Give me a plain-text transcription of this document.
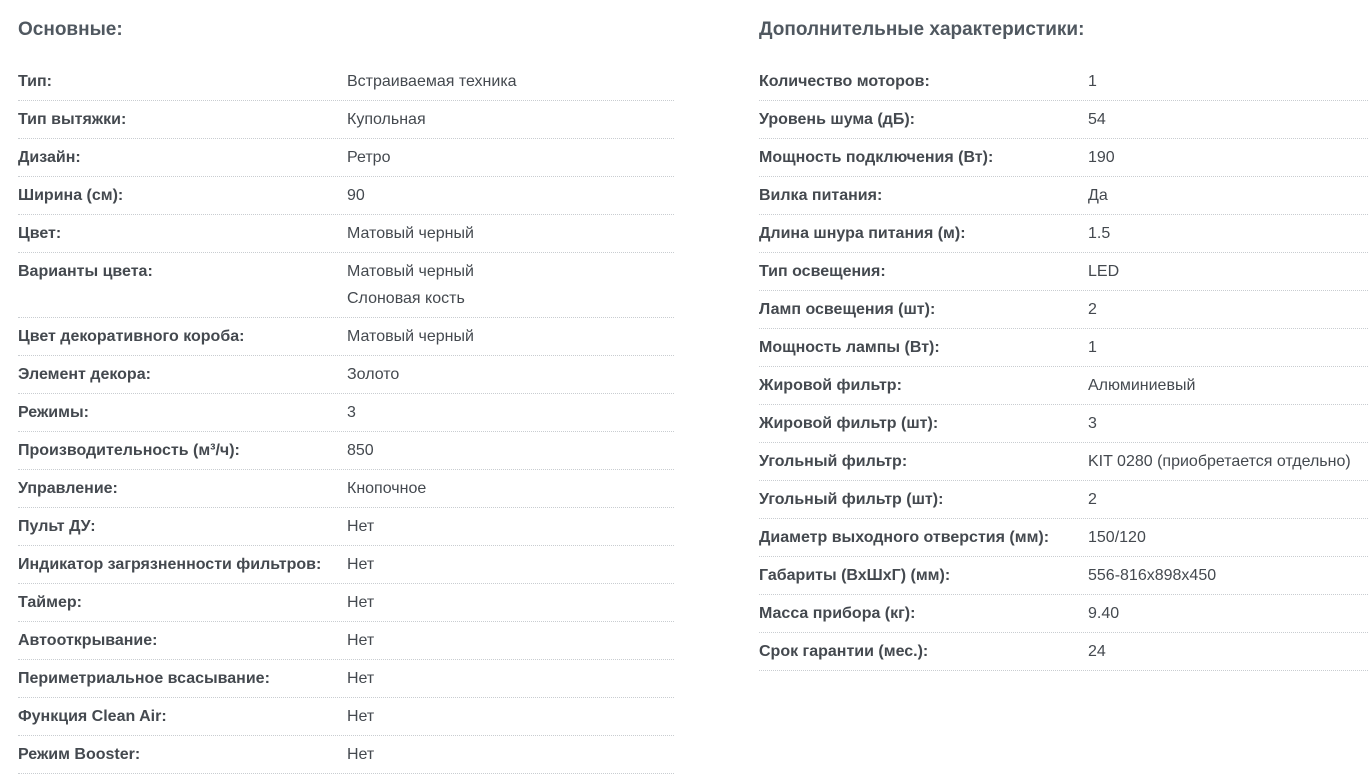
Основные:
Тип:	Встраиваемая техника
Тип вытяжки:	Купольная
Дизайн:	Ретро
Ширина (см):	90
Цвет:	Матовый черный
Варианты цвета:	Матовый черный
Слоновая кость
Цвет декоративного короба:	Матовый черный
Элемент декора:	Золото
Режимы:	3
Производительность (м³/ч):	850
Управление:	Кнопочное
Пульт ДУ:	Нет
Индикатор загрязненности фильтров:	Нет
Таймер:	Нет
Автооткрывание:	Нет
Периметриальное всасывание:	Нет
Функция Clean Air:	Нет
Режим Booster:	Нет
Дополнительные характеристики:
Количество моторов:	1
Уровень шума (дБ):	54
Мощность подключения (Вт):	190
Вилка питания:	Да
Длина шнура питания (м):	1.5
Тип освещения:	LED
Ламп освещения (шт):	2
Мощность лампы (Вт):	1
Жировой фильтр:	Алюминиевый
Жировой фильтр (шт):	3
Угольный фильтр:	KIT 0280 (приобретается отдельно)
Угольный фильтр (шт):	2
Диаметр выходного отверстия (мм):	150/120
Габариты (ВхШхГ) (мм):	556-816x898x450
Масса прибора (кг):	9.40
Срок гарантии (мес.):	24
